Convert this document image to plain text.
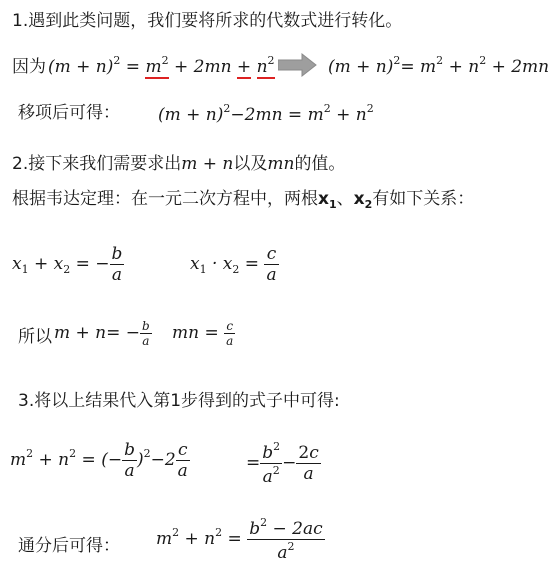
1.遇到此类问题，我们要将所求的代数式进行转化。
因为 $(m + n)^2 = m^2 + 2mn + n^2$	$(m + n)^2= m^2 + n^2 + 2mn$
移项后可得： $(m + n)^2-2mn = m^2 + n^2$
2.接下来我们需要求出m + n以及mn的值。
根据韦达定理：在一元二次方程中，两根$x_1$、$x_2$有如下关系：
$x_1 + x_2$ = − $\frac{b}{a}$	$x_1 \cdot x_2 = \frac{c}{a}$
所以 $m + n= - \frac{b}{a}$ mn = $\frac{c}{a}$
3.将以上结果代入第1步得到的式子中可得:
$m^2 + n^2$ = (− $\frac{b}{a} )^2-2 \frac{c}{a}$	= $\frac{b^2}{a^2} - \frac{2c}{a}$
通分后可得： $m^2 + n^2 = \frac{b^2 - 2ac}{a^2}$
